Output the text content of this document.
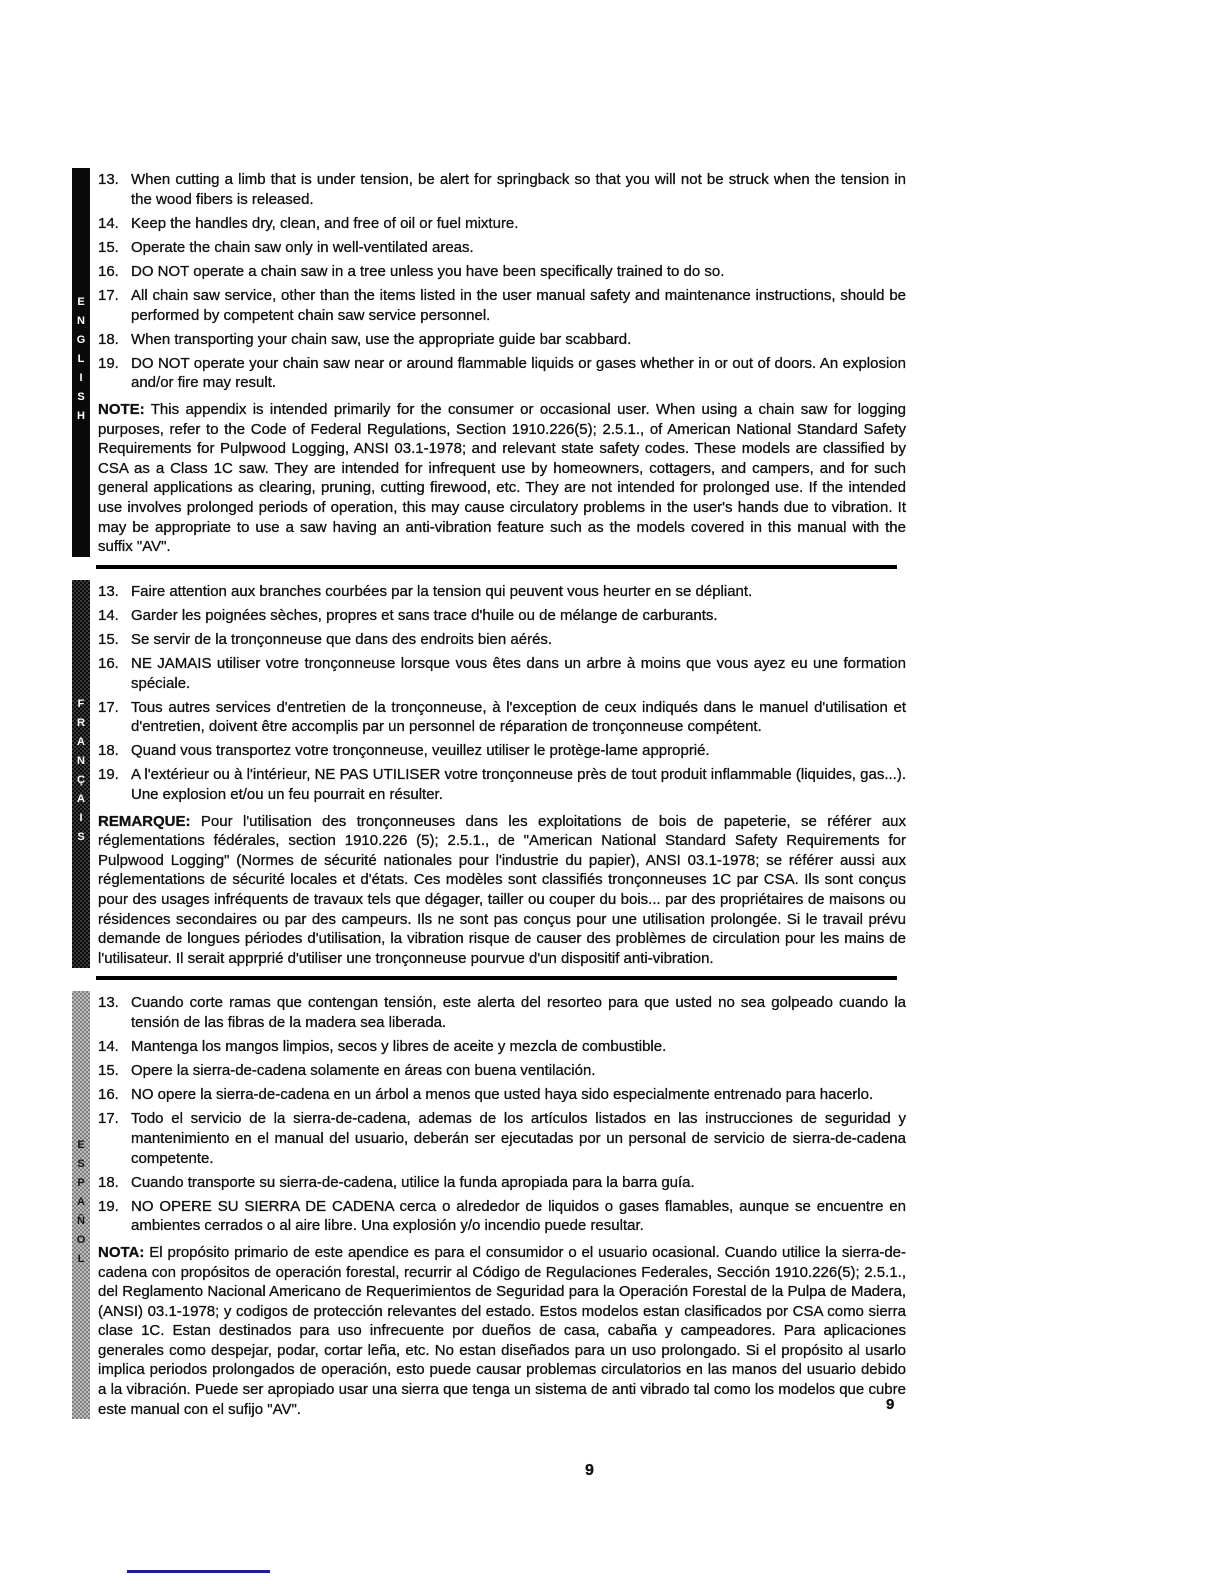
ENGLISH
13. When cutting a limb that is under tension, be alert for springback so that you will not be struck when the tension in the wood fibers is released.
14. Keep the handles dry, clean, and free of oil or fuel mixture.
15. Operate the chain saw only in well-ventilated areas.
16. DO NOT operate a chain saw in a tree unless you have been specifically trained to do so.
17. All chain saw service, other than the items listed in the user manual safety and maintenance instructions, should be performed by competent chain saw service personnel.
18. When transporting your chain saw, use the appropriate guide bar scabbard.
19. DO NOT operate your chain saw near or around flammable liquids or gases whether in or out of doors. An explosion and/or fire may result.

NOTE: This appendix is intended primarily for the consumer or occasional user. When using a chain saw for logging purposes, refer to the Code of Federal Regulations, Section 1910.226(5); 2.5.1., of American National Standard Safety Requirements for Pulpwood Logging, ANSI 03.1-1978; and relevant state safety codes. These models are classified by CSA as a Class 1C saw. They are intended for infrequent use by homeowners, cottagers, and campers, and for such general applications as clearing, pruning, cutting firewood, etc. They are not intended for prolonged use. If the intended use involves prolonged periods of operation, this may cause circulatory problems in the user's hands due to vibration. It may be appropriate to use a saw having an anti-vibration feature such as the models covered in this manual with the suffix "AV".

FRANÇAIS
13. Faire attention aux branches courbées par la tension qui peuvent vous heurter en se dépliant.
14. Garder les poignées sèches, propres et sans trace d'huile ou de mélange de carburants.
15. Se servir de la tronçonneuse que dans des endroits bien aérés.
16. NE JAMAIS utiliser votre tronçonneuse lorsque vous êtes dans un arbre à moins que vous ayez eu une formation spéciale.
17. Tous autres services d'entretien de la tronçonneuse, à l'exception de ceux indiqués dans le manuel d'utilisation et d'entretien, doivent être accomplis par un personnel de réparation de tronçonneuse compétent.
18. Quand vous transportez votre tronçonneuse, veuillez utiliser le protège-lame approprié.
19. A l'extérieur ou à l'intérieur, NE PAS UTILISER votre tronçonneuse près de tout produit inflammable (liquides, gas...). Une explosion et/ou un feu pourrait en résulter.

REMARQUE: Pour l'utilisation des tronçonneuses dans les exploitations de bois de papeterie, se référer aux réglementations fédérales, section 1910.226 (5); 2.5.1., de "American National Standard Safety Requirements for Pulpwood Logging" (Normes de sécurité nationales pour l'industrie du papier), ANSI 03.1-1978; se référer aussi aux réglementations de sécurité locales et d'états. Ces modèles sont classifiés tronçonneuses 1C par CSA. Ils sont conçus pour des usages infréquents de travaux tels que dégager, tailler ou couper du bois... par des propriétaires de maisons ou résidences secondaires ou par des campeurs. Ils ne sont pas conçus pour une utilisation prolongée. Si le travail prévu demande de longues périodes d'utilisation, la vibration risque de causer des problèmes de circulation pour les mains de l'utilisateur. Il serait apprprié d'utiliser une tronçonneuse pourvue d'un dispositif anti-vibration.

ESPAÑOL
13. Cuando corte ramas que contengan tensión, este alerta del resorteo para que usted no sea golpeado cuando la tensión de las fibras de la madera sea liberada.
14. Mantenga los mangos limpios, secos y libres de aceite y mezcla de combustible.
15. Opere la sierra-de-cadena solamente en áreas con buena ventilación.
16. NO opere la sierra-de-cadena en un árbol a menos que usted haya sido especialmente entrenado para hacerlo.
17. Todo el servicio de la sierra-de-cadena, ademas de los artículos listados en las instrucciones de seguridad y mantenimiento en el manual del usuario, deberán ser ejecutadas por un personal de servicio de sierra-de-cadena competente.
18. Cuando transporte su sierra-de-cadena, utilice la funda apropiada para la barra guía.
19. NO OPERE SU SIERRA DE CADENA cerca o alrededor de liquidos o gases flamables, aunque se encuentre en ambientes cerrados o al aire libre. Una explosión y/o incendio puede resultar.

NOTA: El propósito primario de este apendice es para el consumidor o el usuario ocasional. Cuando utilice la sierra-de-cadena con propósitos de operación forestal, recurrir al Código de Regulaciones Federales, Sección 1910.226(5); 2.5.1., del Reglamento Nacional Americano de Requerimientos de Seguridad para la Operación Forestal de la Pulpa de Madera, (ANSI) 03.1-1978; y codigos de protección relevantes del estado. Estos modelos estan clasificados por CSA como sierra clase 1C. Estan destinados para uso infrecuente por dueños de casa, cabaña y campeadores. Para aplicaciones generales como despejar, podar, cortar leña, etc. No estan diseñados para un uso prolongado. Si el propósito al usarlo implica periodos prolongados de operación, esto puede causar problemas circulatorios en las manos del usuario debido a la vibración. Puede ser apropiado usar una sierra que tenga un sistema de anti vibrado tal como los modelos que cubre este manual con el sufijo "AV".	9
9
